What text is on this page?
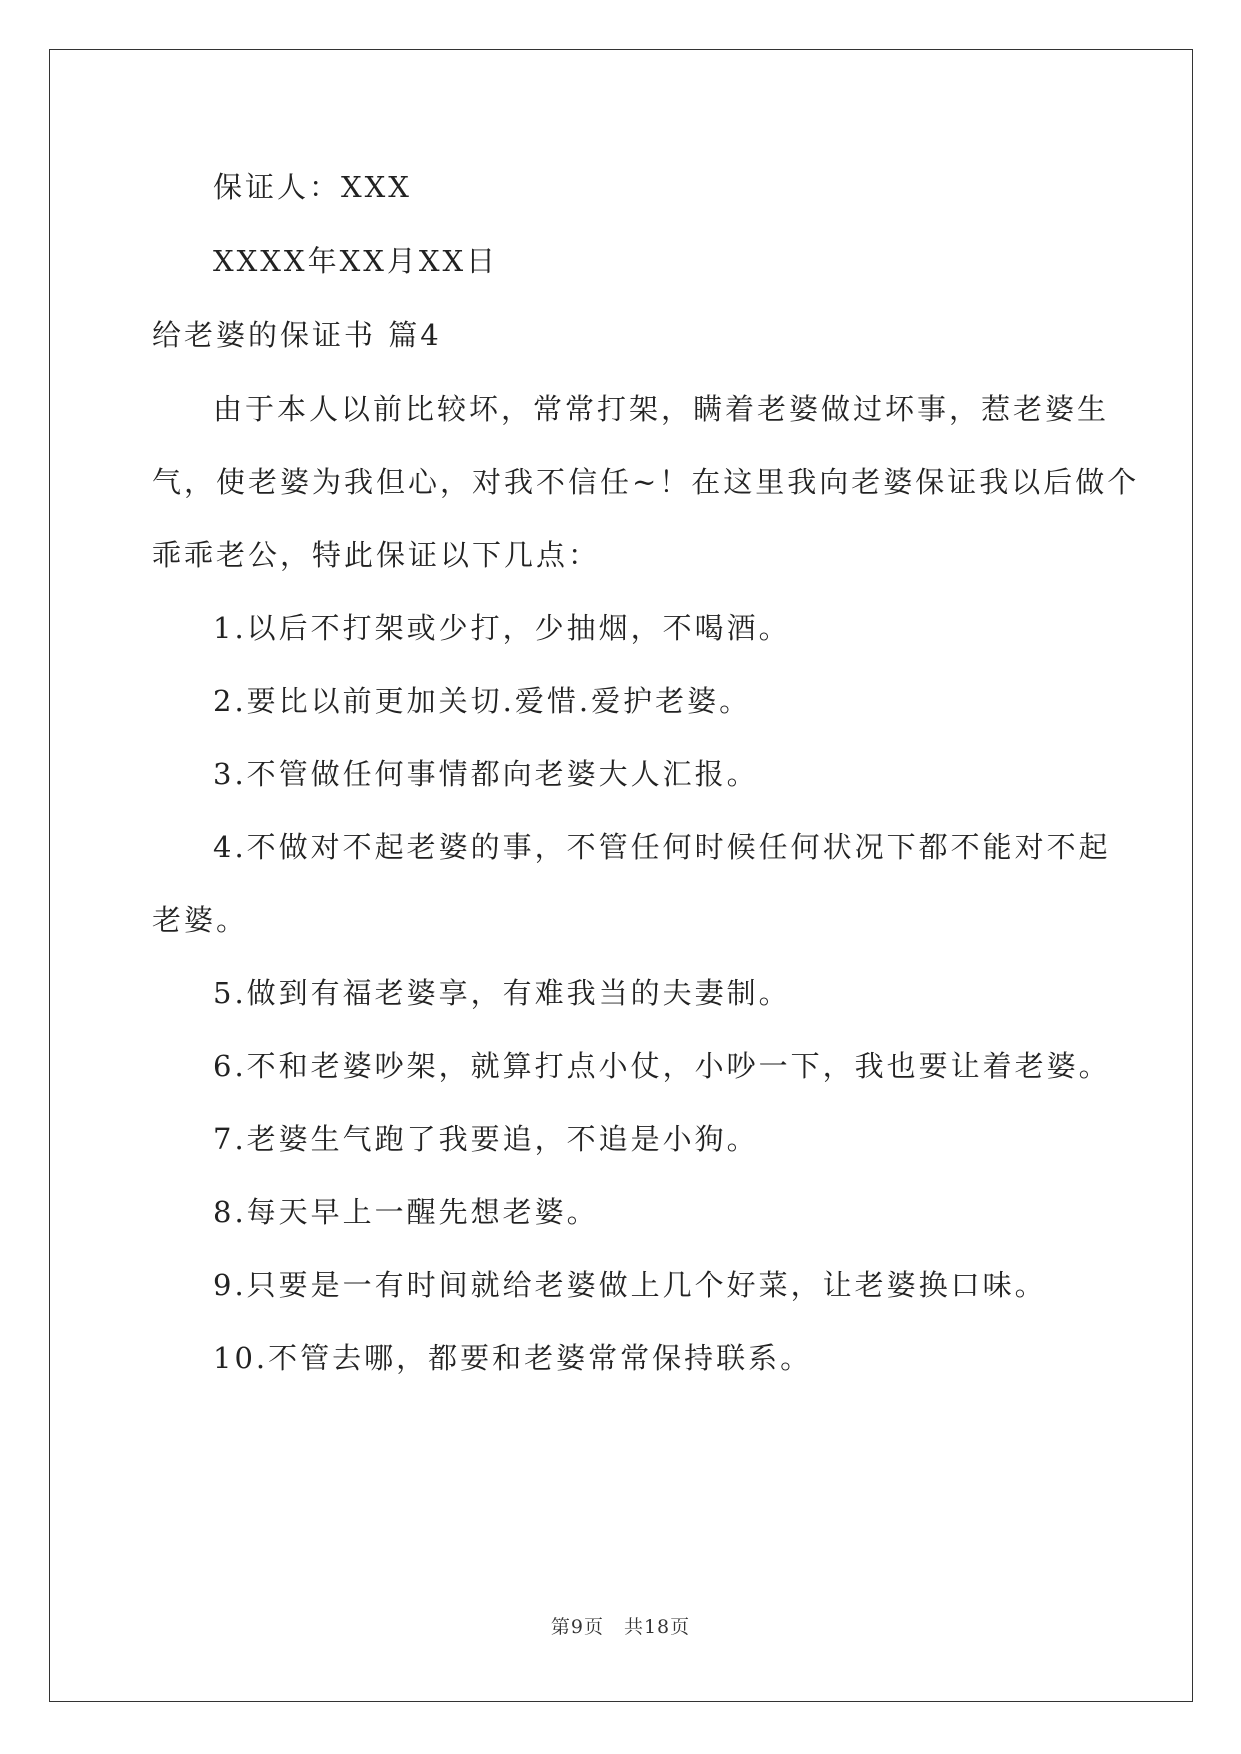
保证人：XXX
XXXX年XX月XX日
给老婆的保证书 篇4
由于本人以前比较坏，常常打架，瞒着老婆做过坏事，惹老婆生
气，使老婆为我但心，对我不信任~！在这里我向老婆保证我以后做个
乖乖老公，特此保证以下几点：
1.以后不打架或少打，少抽烟，不喝酒。
2.要比以前更加关切.爱惜.爱护老婆。
3.不管做任何事情都向老婆大人汇报。
4.不做对不起老婆的事，不管任何时候任何状况下都不能对不起
老婆。
5.做到有福老婆享，有难我当的夫妻制。
6.不和老婆吵架，就算打点小仗，小吵一下，我也要让着老婆。
7.老婆生气跑了我要追，不追是小狗。
8.每天早上一醒先想老婆。
9.只要是一有时间就给老婆做上几个好菜，让老婆换口味。
10.不管去哪，都要和老婆常常保持联系。
第9页　共18页
